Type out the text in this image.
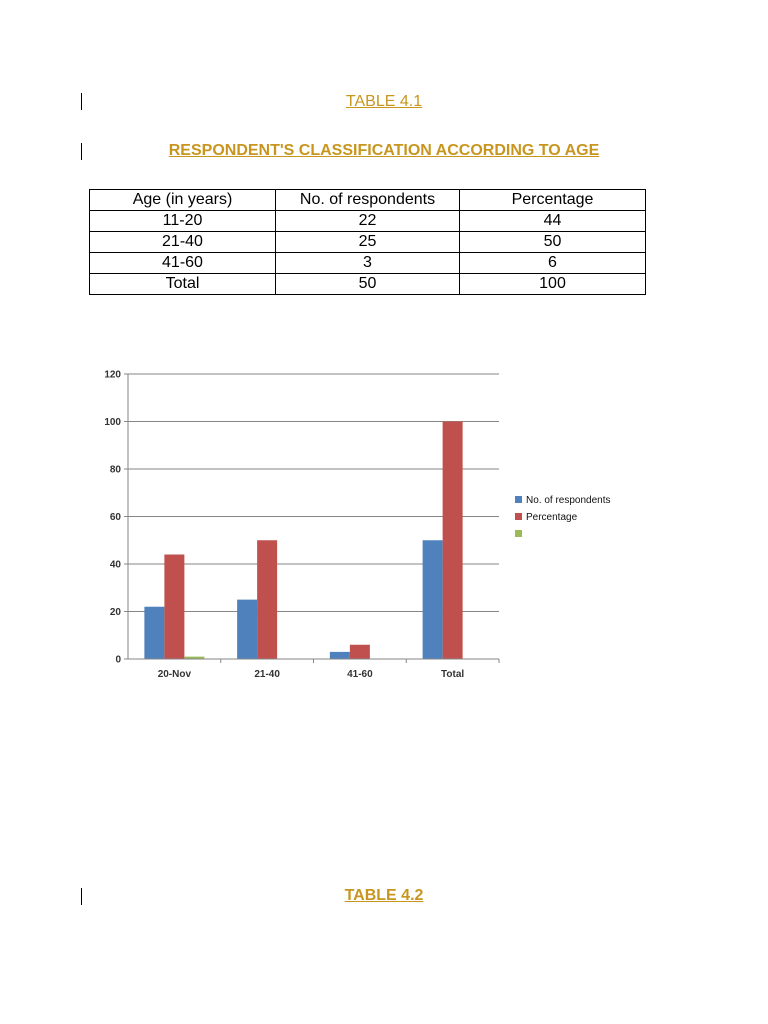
TABLE 4.1
RESPONDENT'S CLASSIFICATION ACCORDING TO AGE
Age (in years)	No. of respondents	Percentage
11-20	22	44
21-40	25	50
41-60	3	6
Total	50	100
0
20
40
60
80
100
120
20-Nov	21-40	41-60	Total
No. of respondents
Percentage
TABLE 4.2
